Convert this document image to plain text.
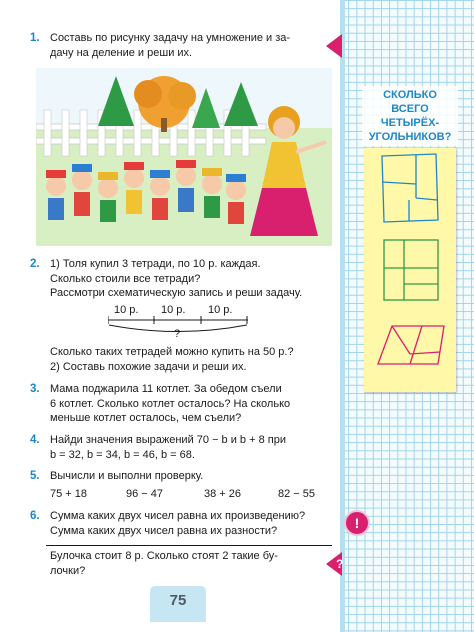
1. Составь по рисунку задачу на умножение и за-

дачу на деление и реши их.

2. 1) Толя купил 3 тетради, по 10 р. каждая.

Сколько стоили все тетради?

Рассмотри схематическую запись и реши задачу.

10 р. 10 р. 10 р.
?

Сколько таких тетрадей можно купить на 50 р.?

2) Составь похожие задачи и реши их.

3. Мама поджарила 11 котлет. За обедом съели

6 котлет. Сколько котлет осталось? На сколько

меньше котлет осталось, чем съели?

4. Найди значения выражений 70 − b и b + 8 при

b = 32, b = 34, b = 46, b = 68.

5. Вычисли и выполни проверку.

75 + 18	96 − 47	38 + 26	82 − 55

6. Сумма каких двух чисел равна их произведению?

Сумма каких двух чисел равна их разности?

Булочка стоит 8 р. Сколько стоят 2 такие бу-

лочки?

75
СКОЛЬКО
ВСЕГО
ЧЕТЫРЁХ-
УГОЛЬНИКОВ?
!
?
